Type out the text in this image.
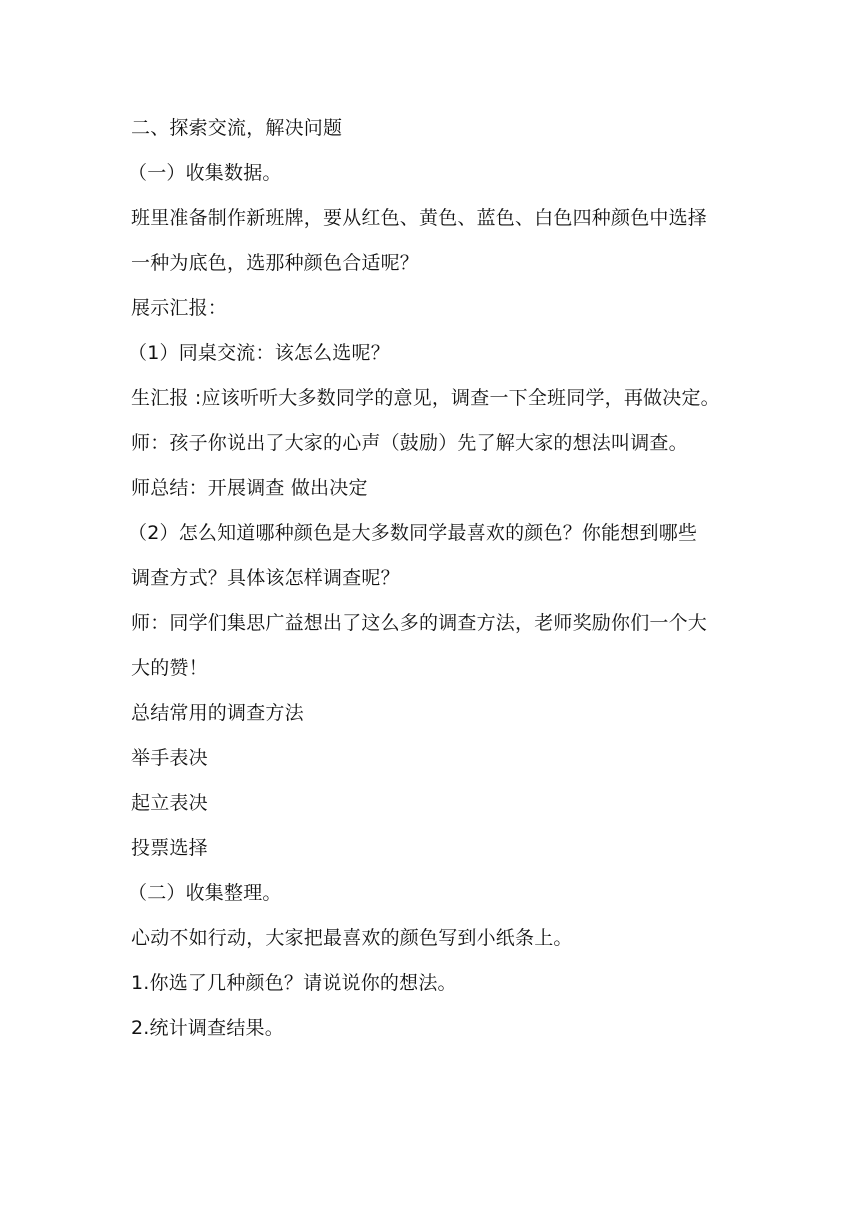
二、探索交流，解决问题
（一）收集数据。
班里准备制作新班牌，要从红色、黄色、蓝色、白色四种颜色中选择
一种为底色，选那种颜色合适呢？
展示汇报：
（1）同桌交流：该怎么选呢？
生汇报 :应该听听大多数同学的意见，调查一下全班同学，再做决定。
师：孩子你说出了大家的心声（鼓励）先了解大家的想法叫调查。
师总结：开展调查 做出决定
（2）怎么知道哪种颜色是大多数同学最喜欢的颜色？你能想到哪些
调查方式？具体该怎样调查呢？
师：同学们集思广益想出了这么多的调查方法，老师奖励你们一个大
大的赞！
总结常用的调查方法
举手表决
起立表决
投票选择
（二）收集整理。
心动不如行动，大家把最喜欢的颜色写到小纸条上。
1.你选了几种颜色？请说说你的想法。
2.统计调查结果。
